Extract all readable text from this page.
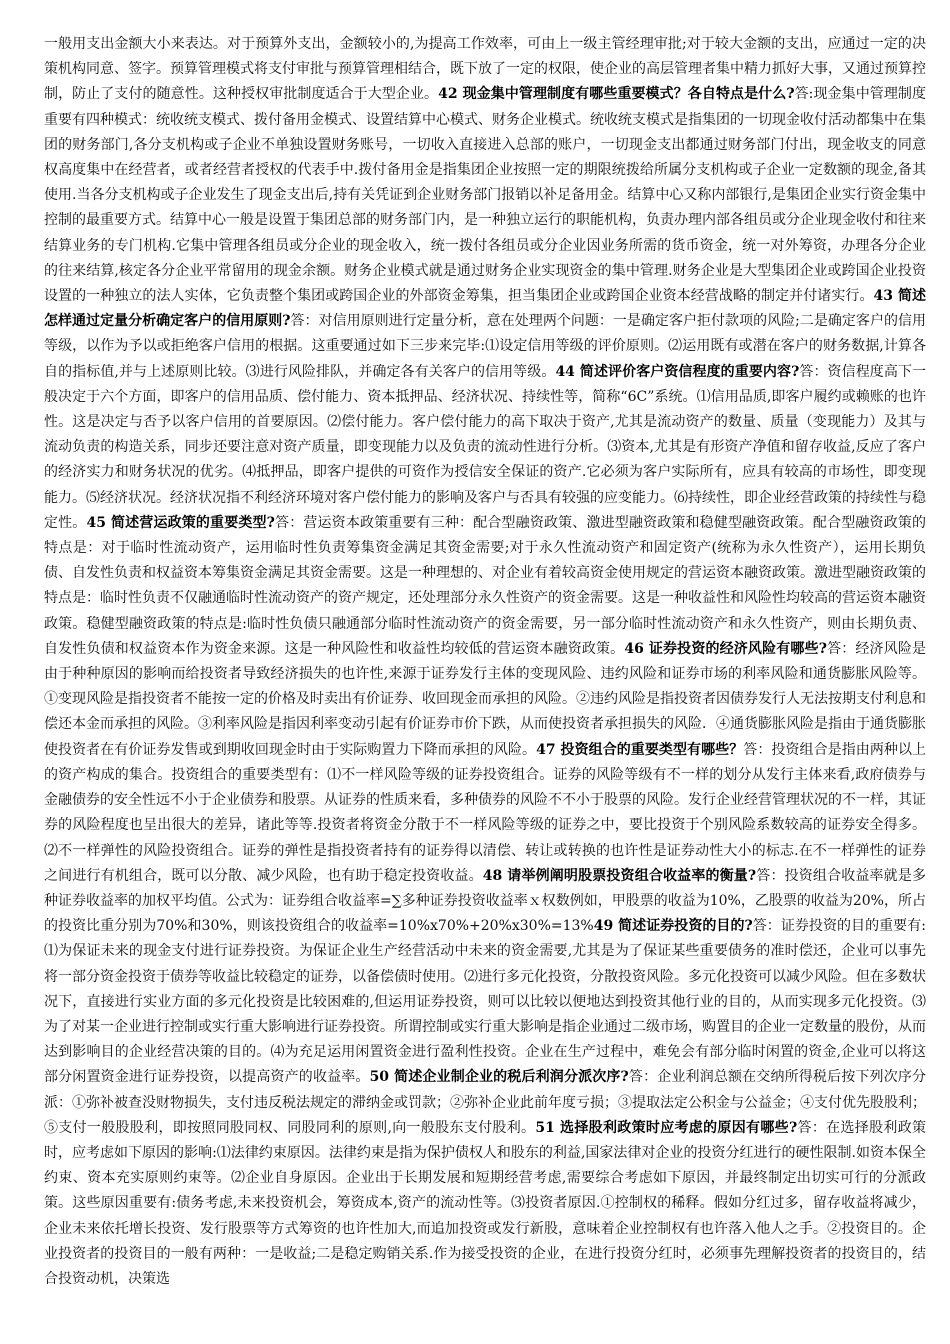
一般用支出金额大小来表达。对于预算外支出，金额较小的,为提高工作效率，可由上一级主管经理审批;对于较大金额的支出，应通过一定的决策机构同意、签字。预算管理模式将支付审批与预算管理相结合，既下放了一定的权限，使企业的高层管理者集中精力抓好大事，又通过预算控制，防止了支付的随意性。这种授权审批制度适合于大型企业。42 现金集中管理制度有哪些重要模式？各自特点是什么?答:现金集中管理制度重要有四种模式：统收统支模式、拨付备用金模式、设置结算中心模式、财务企业模式。统收统支模式是指集团的一切现金收付活动都集中在集团的财务部门,各分支机构或子企业不单独设置财务账号，一切收入直接进入总部的账户，一切现金支出都通过财务部门付出，现金收支的同意权高度集中在经营者，或者经营者授权的代表手中.拨付备用金是指集团企业按照一定的期限统拨给所属分支机构或子企业一定数额的现金,备其使用.当各分支机构或子企业发生了现金支出后,持有关凭证到企业财务部门报销以补足备用金。结算中心又称内部银行,是集团企业实行资金集中控制的最重要方式。结算中心一般是设置于集团总部的财务部门内，是一种独立运行的职能机构，负责办理内部各组员或分企业现金收付和往来结算业务的专门机构.它集中管理各组员或分企业的现金收入，统一拨付各组员或分企业因业务所需的货币资金，统一对外筹资，办理各分企业的往来结算,核定各分企业平常留用的现金余额。财务企业模式就是通过财务企业实现资金的集中管理.财务企业是大型集团企业或跨国企业投资设置的一种独立的法人实体，它负责整个集团或跨国企业的外部资金筹集，担当集团企业或跨国企业资本经营战略的制定并付诸实行。43 简述怎样通过定量分析确定客户的信用原则?答：对信用原则进行定量分析，意在处理两个问题：一是确定客户拒付款项的风险;二是确定客户的信用等级，以作为予以或拒绝客户信用的根据。这重要通过如下三步来完毕:⑴设定信用等级的评价原则。⑵运用既有或潜在客户的财务数据,计算各自的指标值,并与上述原则比较。⑶进行风险排队，并确定各有关客户的信用等级。44 简述评价客户资信程度的重要内容?答：资信程度高下一般决定于六个方面，即客户的信用品质、偿付能力、资本抵押品、经济状况、持续性等，简称“6C”系统。⑴信用品质,即客户履约或赖账的也许性。这是决定与否予以客户信用的首要原因。⑵偿付能力。客户偿付能力的高下取决于资产,尤其是流动资产的数量、质量（变现能力）及其与流动负责的构造关系，同步还要注意对资产质量，即变现能力以及负责的流动性进行分析。⑶资本,尤其是有形资产净值和留存收益,反应了客户的经济实力和财务状况的优劣。⑷抵押品，即客户提供的可资作为授信安全保证的资产.它必须为客户实际所有，应具有较高的市场性，即变现能力。⑸经济状况。经济状况指不利经济环境对客户偿付能力的影响及客户与否具有较强的应变能力。⑹持续性，即企业经营政策的持续性与稳定性。45 简述营运政策的重要类型?答：营运资本政策重要有三种：配合型融资政策、激进型融资政策和稳健型融资政策。配合型融资政策的特点是：对于临时性流动资产，运用临时性负责筹集资金满足其资金需要;对于永久性流动资产和固定资产(统称为永久性资产），运用长期负债、自发性负责和权益资本筹集资金满足其资金需要。这是一种理想的、对企业有着较高资金使用规定的营运资本融资政策。激进型融资政策的特点是：临时性负责不仅融通临时性流动资产的资产规定，还处理部分永久性资产的资金需要。这是一种收益性和风险性均较高的营运资本融资政策。稳健型融资政策的特点是:临时性负债只融通部分临时性流动资产的资金需要，另一部分临时性流动资产和永久性资产，则由长期负责、自发性负债和权益资本作为资金来源。这是一种风险性和收益性均较低的营运资本融资政策。46 证券投资的经济风险有哪些?答：经济风险是由于种种原因的影响而给投资者导致经济损失的也许性,来源于证券发行主体的变现风险、违约风险和证券市场的利率风险和通货膨胀风险等。①变现风险是指投资者不能按一定的价格及时卖出有价证券、收回现金而承担的风险。②违约风险是指投资者因债券发行人无法按期支付利息和偿还本金而承担的风险。③利率风险是指因利率变动引起有价证券市价下跌，从而使投资者承担损失的风险．④通货膨胀风险是指由于通货膨胀使投资者在有价证券发售或到期收回现金时由于实际购置力下降而承担的风险。47 投资组合的重要类型有哪些？答：投资组合是指由两种以上的资产构成的集合。投资组合的重要类型有：⑴不一样风险等级的证券投资组合。证券的风险等级有不一样的划分从发行主体来看,政府债券与金融债券的安全性远不小于企业债券和股票。从证券的性质来看，多种债券的风险不不小于股票的风险。发行企业经营管理状况的不一样，其证券的风险程度也呈出很大的差异，诸此等等.投资者将资金分散于不一样风险等级的证券之中，要比投资于个别风险系数较高的证券安全得多。⑵不一样弹性的风险投资组合。证券的弹性是指投资者持有的证券得以清偿、转让或转换的也许性是证券动性大小的标志.在不一样弹性的证券之间进行有机组合，既可以分散、减少风险，也有助于稳定投资收益。48 请举例阐明股票投资组合收益率的衡量?答：投资组合收益率就是多种证券收益率的加权平均值。公式为：证券组合收益率=∑多种证券投资收益率ｘ权数例如，甲股票的收益为10%，乙股票的收益为20%，所占的投资比重分别为70%和30%，则该投资组合的收益率=10%x70%+20%x30%=13%49 简述证券投资的目的?答：证券投资的目的重要有:⑴为保证未来的现金支付进行证券投资。为保证企业生产经营活动中未来的资金需要,尤其是为了保证某些重要债务的准时偿还，企业可以事先将一部分资金投资于债券等收益比较稳定的证券，以备偿债时使用。⑵进行多元化投资，分散投资风险。多元化投资可以减少风险。但在多数状况下，直接进行实业方面的多元化投资是比较困难的,但运用证券投资，则可以比较以便地达到投资其他行业的目的，从而实现多元化投资。⑶为了对某一企业进行控制或实行重大影响进行证券投资。所谓控制或实行重大影响是指企业通过二级市场，购置目的企业一定数量的股份，从而达到影响目的企业经营决策的目的。⑷为充足运用闲置资金进行盈利性投资。企业在生产过程中，难免会有部分临时闲置的资金,企业可以将这部分闲置资金进行证券投资，以提高资产的收益率。50 简述企业制企业的税后利润分派次序?答：企业利润总额在交纳所得税后按下列次序分派：①弥补被查没财物损失，支付违反税法规定的滞纳金或罚款；②弥补企业此前年度亏损；③提取法定公积金与公益金；④支付优先股股利；⑤支付一般股股利，即按照同股同权、同股同利的原则,向一般股东支付股利。51 选择股利政策时应考虑的原因有哪些?答：在选择股利政策时，应考虑如下原因的影响:⑴法律约束原因。法律约束是指为保护债权人和股东的利益,国家法律对企业的投资分红进行的硬性限制.如资本保全约束、资本充实原则约束等。⑵企业自身原因。企业出于长期发展和短期经营考虑,需要综合考虑如下原因，并最终制定出切实可行的分派政策。这些原因重要有:债务考虑,未来投资机会，筹资成本,资产的流动性等。⑶投资者原因.①控制权的稀释。假如分红过多，留存收益将减少，企业未来依托增长投资、发行股票等方式筹资的也许性加大,而追加投资或发行新股，意味着企业控制权有也许落入他人之手。②投资目的。企业投资者的投资目的一般有两种：一是收益;二是稳定购销关系.作为接受投资的企业，在进行投资分红时，必须事先理解投资者的投资目的，结合投资动机，决策选
